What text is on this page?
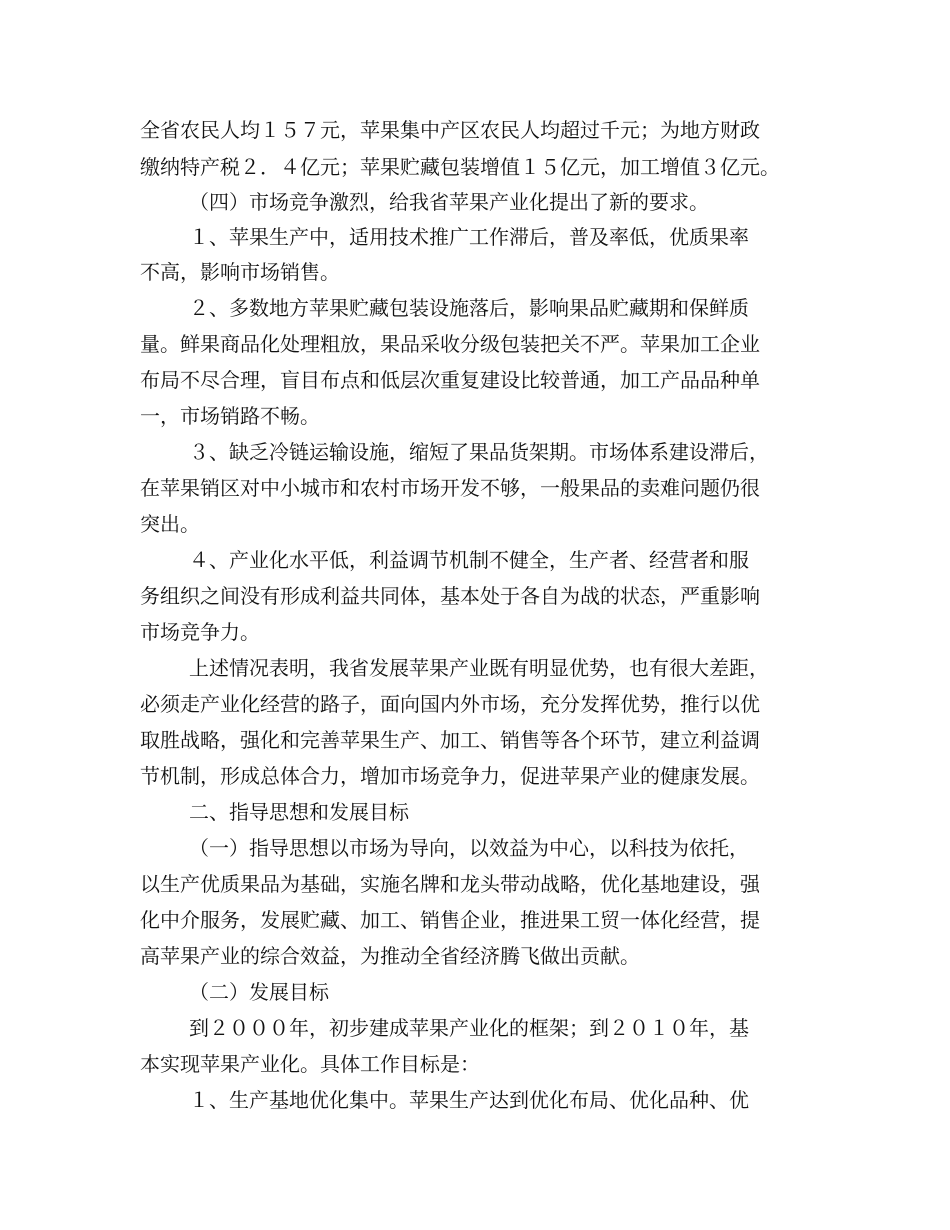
全省农民人均１５７元，苹果集中产区农民人均超过千元；为地方财政
缴纳特产税２．４亿元；苹果贮藏包装增值１５亿元，加工增值３亿元。
（四）市场竞争激烈，给我省苹果产业化提出了新的要求。
１、苹果生产中，适用技术推广工作滞后，普及率低，优质果率
不高，影响市场销售。
２、多数地方苹果贮藏包装设施落后，影响果品贮藏期和保鲜质
量。鲜果商品化处理粗放，果品采收分级包装把关不严。苹果加工企业
布局不尽合理，盲目布点和低层次重复建设比较普通，加工产品品种单
一，市场销路不畅。
３、缺乏冷链运输设施，缩短了果品货架期。市场体系建设滞后，
在苹果销区对中小城市和农村市场开发不够，一般果品的卖难问题仍很
突出。
４、产业化水平低，利益调节机制不健全，生产者、经营者和服
务组织之间没有形成利益共同体，基本处于各自为战的状态，严重影响
市场竞争力。
上述情况表明，我省发展苹果产业既有明显优势，也有很大差距，
必须走产业化经营的路子，面向国内外市场，充分发挥优势，推行以优
取胜战略，强化和完善苹果生产、加工、销售等各个环节，建立利益调
节机制，形成总体合力，增加市场竞争力，促进苹果产业的健康发展。
二、指导思想和发展目标
（一）指导思想以市场为导向，以效益为中心，以科技为依托，
以生产优质果品为基础，实施名牌和龙头带动战略，优化基地建设，强
化中介服务，发展贮藏、加工、销售企业，推进果工贸一体化经营，提
高苹果产业的综合效益，为推动全省经济腾飞做出贡献。
（二）发展目标
到２０００年，初步建成苹果产业化的框架；到２０１０年，基
本实现苹果产业化。具体工作目标是：
１、生产基地优化集中。苹果生产达到优化布局、优化品种、优
